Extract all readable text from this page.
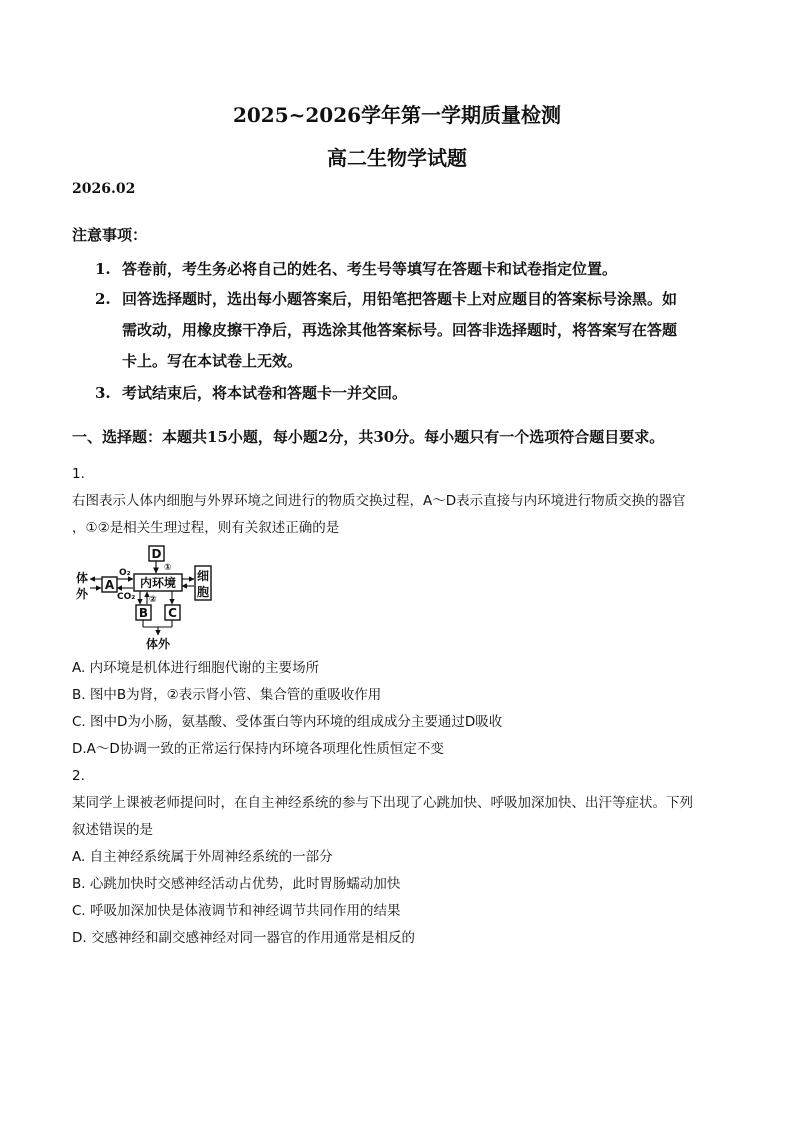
2025~2026学年第一学期质量检测
高二生物学试题
2026.02
注意事项：
1. 答卷前，考生务必将自己的姓名、考生号等填写在答题卡和试卷指定位置。
2. 回答选择题时，选出每小题答案后，用铅笔把答题卡上对应题目的答案标号涂黑。如
需改动，用橡皮擦干净后，再选涂其他答案标号。回答非选择题时，将答案写在答题
卡上。写在本试卷上无效。
3. 考试结束后，将本试卷和答题卡一并交回。
一、选择题：本题共15小题，每小题2分，共30分。每小题只有一个选项符合题目要求。
1.
右图表示人体内细胞与外界环境之间进行的物质交换过程，A～D表示直接与内环境进行物质交换的器官
，①②是相关生理过程，则有关叙述正确的是
D
①
内环境 细
胞
A
O₂
CO₂
体
外	②
B C
体外
A. 内环境是机体进行细胞代谢的主要场所
B. 图中B为肾，②表示肾小管、集合管的重吸收作用
C. 图中D为小肠，氨基酸、受体蛋白等内环境的组成成分主要通过D吸收
D.A～D协调一致的正常运行保持内环境各项理化性质恒定不变
2.
某同学上课被老师提问时，在自主神经系统的参与下出现了心跳加快、呼吸加深加快、出汗等症状。下列
叙述错误的是
A. 自主神经系统属于外周神经系统的一部分
B. 心跳加快时交感神经活动占优势，此时胃肠蠕动加快
C. 呼吸加深加快是体液调节和神经调节共同作用的结果
D. 交感神经和副交感神经对同一器官的作用通常是相反的
